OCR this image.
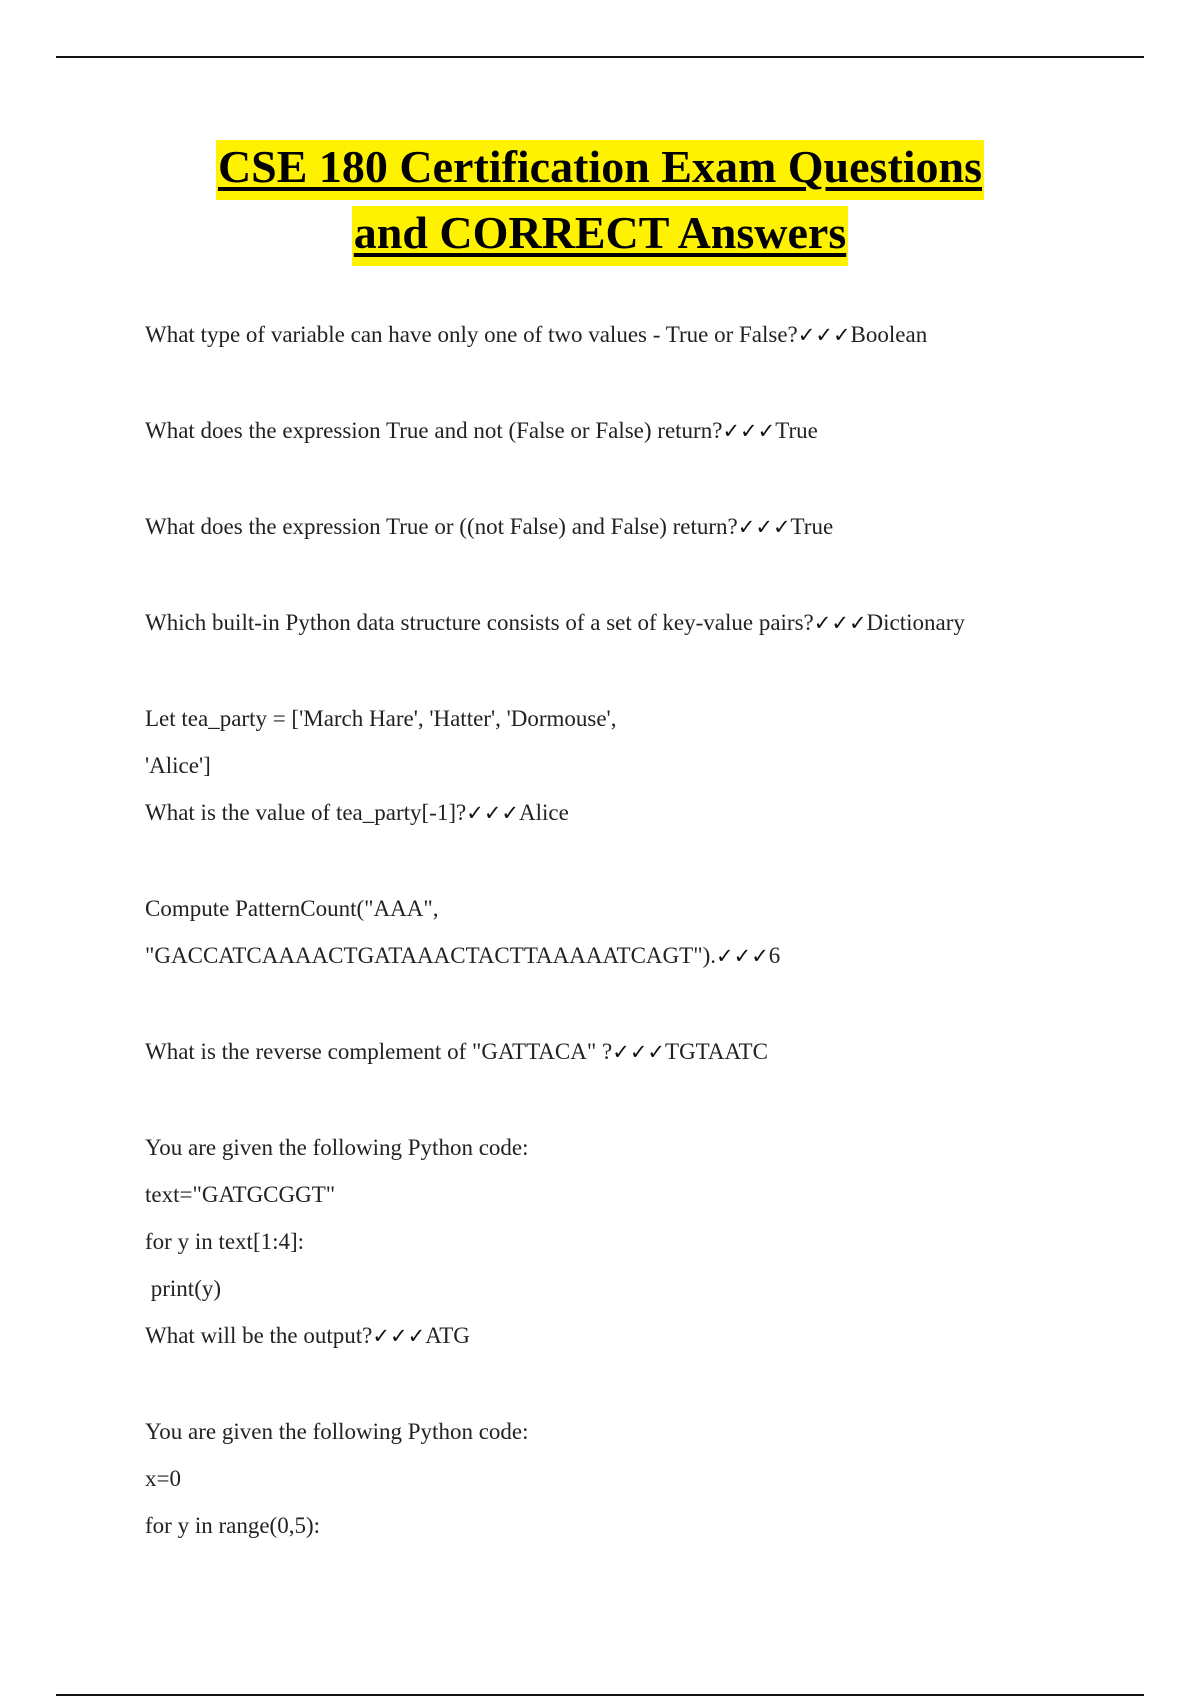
CSE 180 Certification Exam Questions
and CORRECT Answers
What type of variable can have only one of two values - True or False?✓✓✓Boolean
What does the expression True and not (False or False) return?✓✓✓True
What does the expression True or ((not False) and False) return?✓✓✓True
Which built-in Python data structure consists of a set of key-value pairs?✓✓✓Dictionary
Let tea_party = ['March Hare', 'Hatter', 'Dormouse',
'Alice']
What is the value of tea_party[-1]?✓✓✓Alice
Compute PatternCount("AAA",
"GACCATCAAAACTGATAAACTACTTAAAAATCAGT").✓✓✓6
What is the reverse complement of "GATTACA" ?✓✓✓TGTAATC
You are given the following Python code:
text="GATGCGGT"
for y in text[1:4]:
print(y)
What will be the output?✓✓✓ATG
You are given the following Python code:
x=0
for y in range(0,5):
